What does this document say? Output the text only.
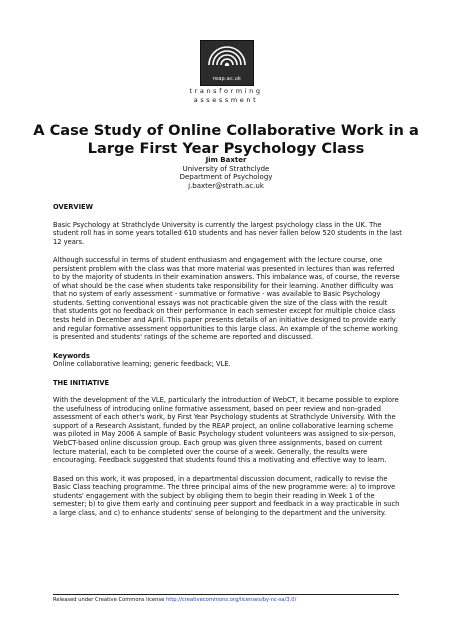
reap.ac.uk
transforming
assessment
A Case Study of Online Collaborative Work in a
Large First Year Psychology Class
Jim Baxter
University of Strathclyde
Department of Psychology
j.baxter@strath.ac.uk
OVERVIEW

Basic Psychology at Strathclyde University is currently the largest psychology class in the UK. The student roll has in some years totalled 610 students and has never fallen below 520 students in the last 12 years.

Although successful in terms of student enthusiasm and engagement with the lecture course, one persistent problem with the class was that more material was presented in lectures than was referred to by the majority of students in their examination answers. This imbalance was, of course, the reverse of what should be the case when students take responsibility for their learning. Another difficulty was that no system of early assessment - summative or formative - was available to Basic Psychology students. Setting conventional essays was not practicable given the size of the class with the result that students got no feedback on their performance in each semester except for multiple choice class tests held in December and April. This paper presents details of an initiative designed to provide early and regular formative assessment opportunities to this large class. An example of the scheme working is presented and students' ratings of the scheme are reported and discussed.

Keywords

Online collaborative learning; generic feedback; VLE.

THE INITIATIVE

With the development of the VLE, particularly the introduction of WebCT, it became possible to explore the usefulness of introducing online formative assessment, based on peer review and non-graded assessment of each other's work, by First Year Psychology students at Strathclyde University. With the support of a Research Assistant, funded by the REAP project, an online collaborative learning scheme was piloted in May 2006 A sample of Basic Psychology student volunteers was assigned to six-person, WebCT-based online discussion group. Each group was given three assignments, based on current lecture material, each to be completed over the course of a week. Generally, the results were encouraging. Feedback suggested that students found this a motivating and effective way to learn.

Based on this work, it was proposed, in a departmental discussion document, radically to revise the Basic Class teaching programme. The three principal aims of the new programme were: a) to improve students' engagement with the subject by obliging them to begin their reading in Week 1 of the semester; b) to give them early and continuing peer support and feedback in a way practicable in such a large class, and c) to enhance students' sense of belonging to the department and the university.

Released under Creative Commons license http://creativecommons.org/licenses/by-nc-sa/3.0/
